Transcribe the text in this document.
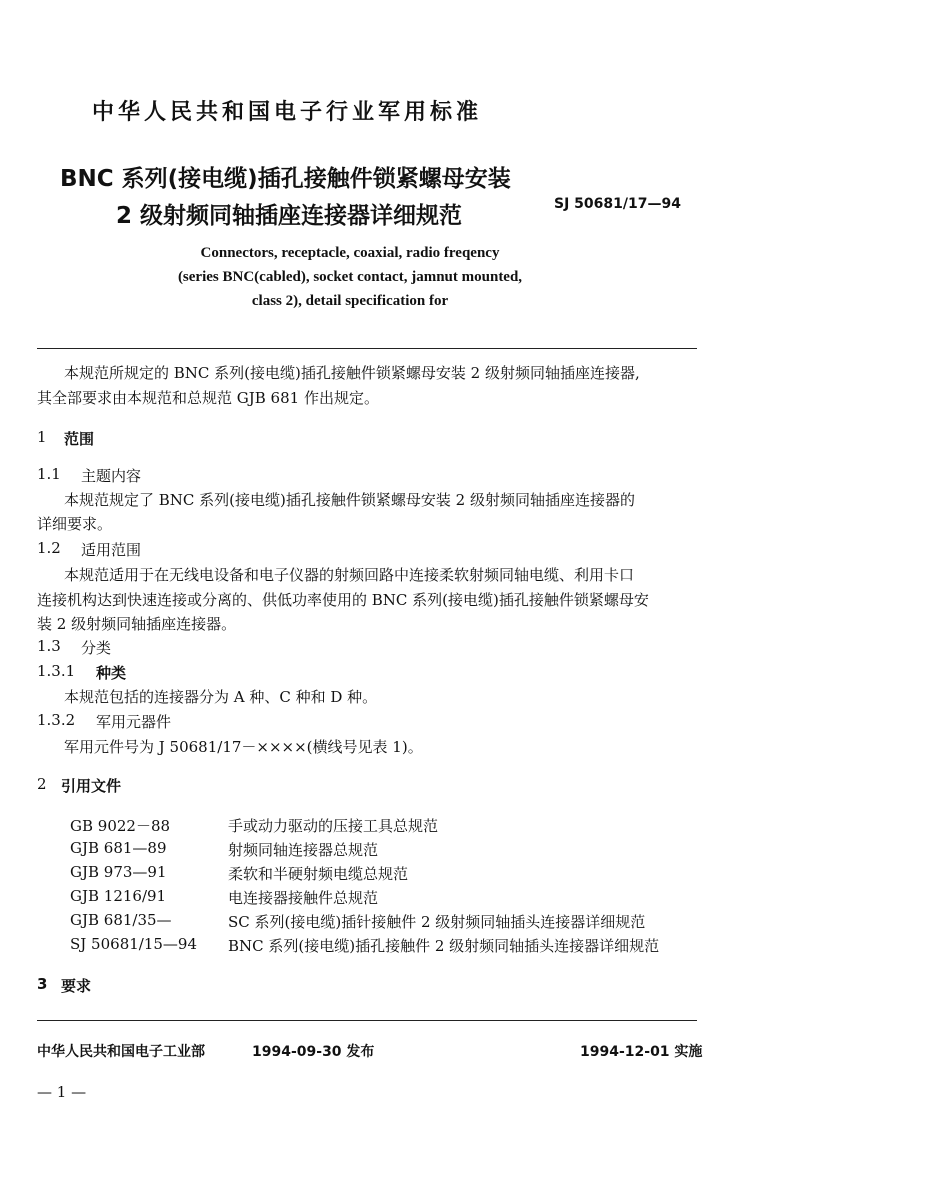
中华人民共和国电子行业军用标准
BNC 系列(接电缆)插孔接触件锁紧螺母安装
2 级射频同轴插座连接器详细规范	SJ 50681/17—94
Connectors, receptacle, coaxial, radio freqency
(series BNC(cabled), socket contact, jamnut mounted,
class 2), detail specification for
本规范所规定的 BNC 系列(接电缆)插孔接触件锁紧螺母安装 2 级射频同轴插座连接器,
其全部要求由本规范和总规范 GJB 681 作出规定。
1 范围
1.1 主题内容
本规范规定了 BNC 系列(接电缆)插孔接触件锁紧螺母安装 2 级射频同轴插座连接器的
详细要求。
1.2 适用范围
本规范适用于在无线电设备和电子仪器的射频回路中连接柔软射频同轴电缆、利用卡口
连接机构达到快速连接或分离的、供低功率使用的 BNC 系列(接电缆)插孔接触件锁紧螺母安
装 2 级射频同轴插座连接器。
1.3 分类
1.3.1 种类
本规范包括的连接器分为 A 种、C 种和 D 种。
1.3.2 军用元器件
军用元件号为 J 50681/17－××××(横线号见表 1)。
2 引用文件
GB 9022－88	手或动力驱动的压接工具总规范
GJB 681—89	射频同轴连接器总规范
GJB 973—91	柔软和半硬射频电缆总规范
GJB 1216/91	电连接器接触件总规范
GJB 681/35—	SC 系列(接电缆)插针接触件 2 级射频同轴插头连接器详细规范
SJ 50681/15—94 BNC 系列(接电缆)插孔接触件 2 级射频同轴插头连接器详细规范
3 要求
中华人民共和国电子工业部	1994-09-30 发布	1994-12-01 实施
— 1 —
